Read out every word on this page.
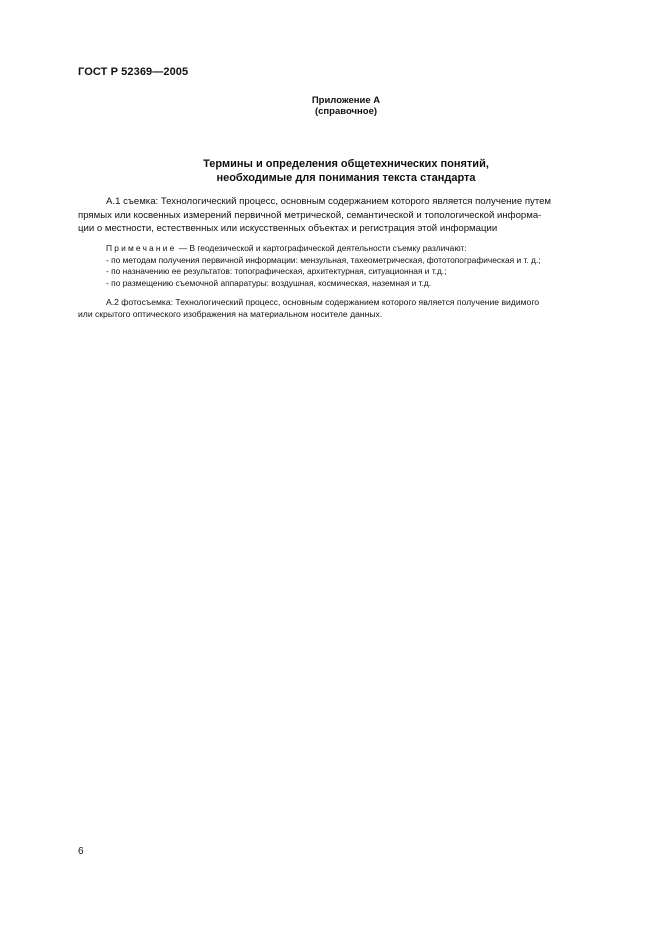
ГОСТ Р 52369—2005
Приложение А
(справочное)
Термины и определения общетехнических понятий,
необходимые для понимания текста стандарта
А.1 съемка: Технологический процесс, основным содержанием которого является получение путем
прямых или косвенных измерений первичной метрической, семантической и топологической информа-
ции о местности, естественных или искусственных объектах и регистрация этой информации
Примечание — В геодезической и картографической деятельности съемку различают:
- по методам получения первичной информации: мензульная, тахеометрическая, фототопографическая и т. д.;
- по назначению ее результатов: топографическая, архитектурная, ситуационная и т.д.;
- по размещению съемочной аппаратуры: воздушная, космическая, наземная и т.д.
А.2 фотосъемка: Технологический процесс, основным содержанием которого является получение видимого
или скрытого оптического изображения на материальном носителе данных.
6
